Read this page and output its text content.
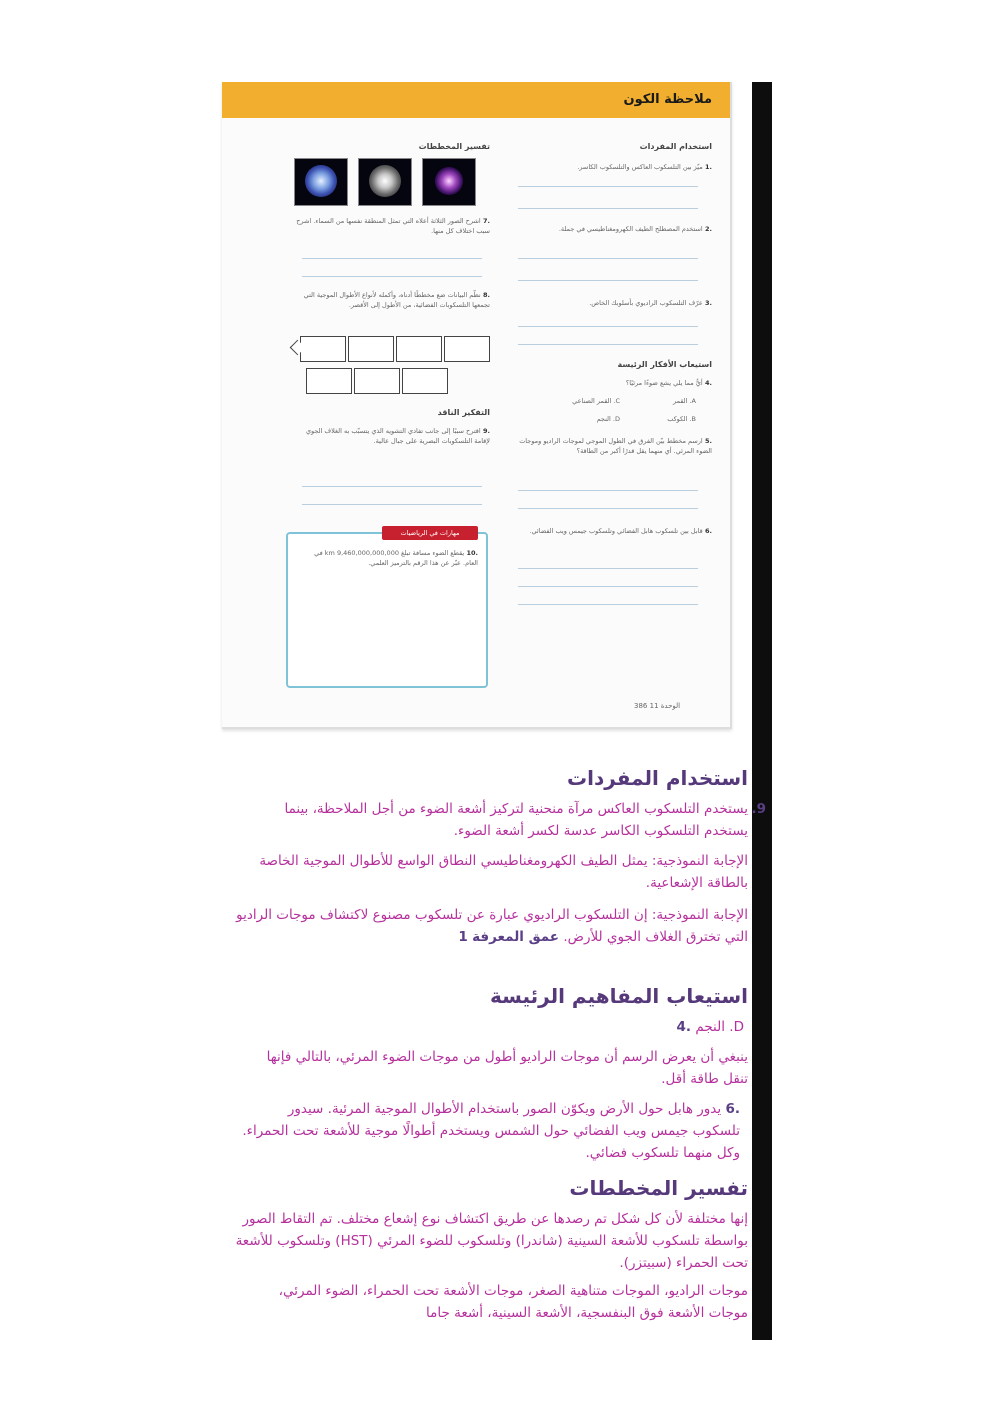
ملاحظة الكون
استخدام المفردات
.1 ميّز بين التلسكوب العاكس والتلسكوب الكاسر.
.2 استخدم المصطلح الطيف الكهرومغناطيسي في جملة.
.3 عرّف التلسكوب الراديوي بأسلوبك الخاص.
استيعاب الأفكار الرئيسة
.4 أيٌّ مما يلي يشع ضوءًا مرئيًا؟
A. القمر
C. القمر الصناعي
B. الكوكب
D. النجم
.5 ارسم مخطط بيّن الفرق في الطول الموجي لموجات الراديو وموجات الضوء المرئي. أي منهما يقل قدرًا أكبر من الطاقة؟
.6 قابل بين تلسكوب هابل الفضائي وتلسكوب جيمس ويب الفضائي.
تفسير المخططات
.7 اشرح الصور الثلاثة أعلاه التي تمثل المنطقة نفسها من السماء. اشرح سبب اختلاف كل منها.
.8 نظّم البيانات ضع مخططًا أدناه، وأكمله لأنواع الأطوال الموجية التي تجمعها التلسكوبات الفضائية، من الأطول إلى الأقصر.
التفكير الناقد
.9 اقترح سببًا إلى جانب تفادي التشويه الذي يتسبّب به الغلاف الجوي لإقامة التلسكوبات البصرية على جبال عالية.
مهارات في الرياضيات
.10 يقطع الضوء مسافة تبلغ 9,460,000,000,000 km في العام. عبّر عن هذا الرقم بالترميز العلمي.
الوحدة 11 386
استخدام المفردات
يستخدم التلسكوب العاكس مرآة منحنية لتركيز أشعة الضوء من أجل الملاحظة، بينما يستخدم التلسكوب الكاسر عدسة لكسر أشعة الضوء.
9.
الإجابة النموذجية: يمثل الطيف الكهرومغناطيسي النطاق الواسع للأطوال الموجية الخاصة بالطاقة الإشعاعية.
الإجابة النموذجية: إن التلسكوب الراديوي عبارة عن تلسكوب مصنوع لاكتشاف موجات الراديو التي تخترق الغلاف الجوي للأرض. عمق المعرفة 1
استيعاب المفاهيم الرئيسة
D. النجم .4
ينبغي أن يعرض الرسم أن موجات الراديو أطول من موجات الضوء المرئي، بالتالي فإنها تنقل طاقة أقل.
.6 يدور هابل حول الأرض ويكوّن الصور باستخدام الأطوال الموجية المرئية. سيدور تلسكوب جيمس ويب الفضائي حول الشمس ويستخدم أطوالًا موجية للأشعة تحت الحمراء. وكل منهما تلسكوب فضائي.
تفسير المخططات
إنها مختلفة لأن كل شكل تم رصدها عن طريق اكتشاف نوع إشعاع مختلف. تم التقاط الصور بواسطة تلسكوب للأشعة السينية (شاندرا) وتلسكوب للضوء المرئي (HST) وتلسكوب للأشعة تحت الحمراء (سبيتزر).
موجات الراديو، الموجات متناهية الصغر، موجات الأشعة تحت الحمراء، الضوء المرئي، موجات الأشعة فوق البنفسجية، الأشعة السينية، أشعة جاما
